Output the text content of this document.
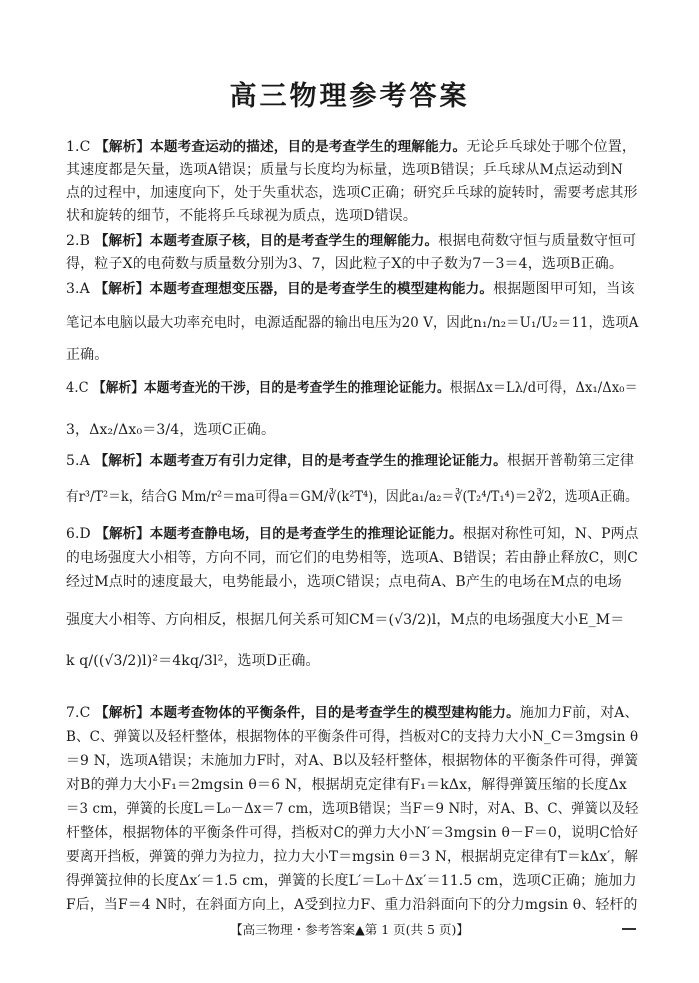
高三物理参考答案
1.C 【解析】本题考查运动的描述，目的是考查学生的理解能力。无论乒乓球处于哪个位置，
其速度都是矢量，选项A错误；质量与长度均为标量，选项B错误；乒乓球从M点运动到N
点的过程中，加速度向下，处于失重状态，选项C正确；研究乒乓球的旋转时，需要考虑其形
状和旋转的细节，不能将乒乓球视为质点，选项D错误。
2.B 【解析】本题考查原子核，目的是考查学生的理解能力。根据电荷数守恒与质量数守恒可
得，粒子X的电荷数与质量数分别为3、7，因此粒子X的中子数为7－3＝4，选项B正确。
3.A 【解析】本题考查理想变压器，目的是考查学生的模型建构能力。根据题图甲可知，当该
笔记本电脑以最大功率充电时，电源适配器的输出电压为20 V，因此n₁/n₂＝U₁/U₂＝11，选项A
正确。
4.C 【解析】本题考查光的干涉，目的是考查学生的推理论证能力。根据Δx＝Lλ/d可得，Δx₁/Δx₀＝
3，Δx₂/Δx₀＝3/4，选项C正确。
5.A 【解析】本题考查万有引力定律，目的是考查学生的推理论证能力。根据开普勒第三定律
有r³/T²＝k，结合G Mm/r²＝ma可得a＝GM/∛(k²T⁴)，因此a₁/a₂＝∛(T₂⁴/T₁⁴)＝2∛2，选项A正确。
6.D 【解析】本题考查静电场，目的是考查学生的推理论证能力。根据对称性可知，N、P两点
的电场强度大小相等，方向不同，而它们的电势相等，选项A、B错误；若由静止释放C，则C
经过M点时的速度最大，电势能最小，选项C错误；点电荷A、B产生的电场在M点的电场
强度大小相等、方向相反，根据几何关系可知CM＝(√3/2)l，M点的电场强度大小E_M＝
k q/((√3/2)l)²＝4kq/3l²，选项D正确。
7.C 【解析】本题考查物体的平衡条件，目的是考查学生的模型建构能力。施加力F前，对A、
B、C、弹簧以及轻杆整体，根据物体的平衡条件可得，挡板对C的支持力大小N_C＝3mgsin θ
＝9 N，选项A错误；未施加力F时，对A、B以及轻杆整体，根据物体的平衡条件可得，弹簧
对B的弹力大小F₁＝2mgsin θ＝6 N，根据胡克定律有F₁＝kΔx，解得弹簧压缩的长度Δx
＝3 cm，弹簧的长度L＝L₀－Δx＝7 cm，选项B错误；当F＝9 N时，对A、B、C、弹簧以及轻
杆整体，根据物体的平衡条件可得，挡板对C的弹力大小N′＝3mgsin θ－F＝0，说明C恰好
要离开挡板，弹簧的弹力为拉力，拉力大小T＝mgsin θ＝3 N，根据胡克定律有T＝kΔx′，解
得弹簧拉伸的长度Δx′＝1.5 cm，弹簧的长度L′＝L₀＋Δx′＝11.5 cm，选项C正确；施加力
F后，当F＝4 N时，在斜面方向上，A受到拉力F、重力沿斜面向下的分力mgsin θ、轻杆的
【高三物理・参考答案▲第 1 页(共 5 页)】
